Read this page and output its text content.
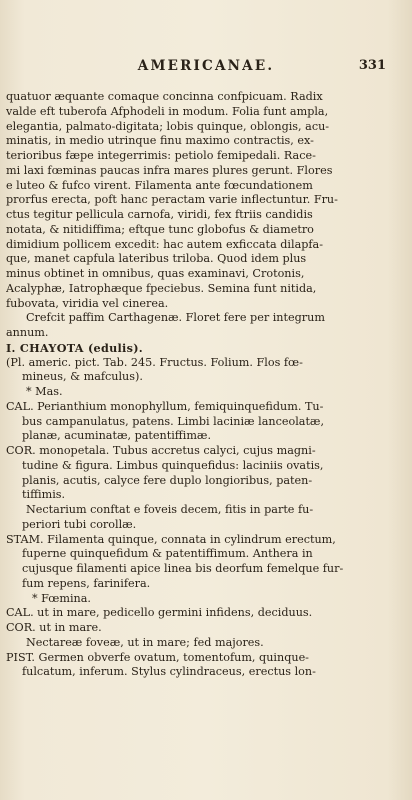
AMERICANAE.	331
quatuor æquante comaque concinna confpicuam. Radix
valde eft tuberofa Afphodeli in modum. Folia funt ampla,
elegantia, palmato-digitata; lobis quinque, oblongis, acu-
minatis, in medio utrinque finu maximo contractis, ex-
terioribus fæpe integerrimis: petiolo femipedali. Race-
mi laxi fœminas paucas infra mares plures gerunt. Flores
e luteo & fufco virent. Filamenta ante fœcundationem
prorfus erecta, poft hanc peractam varie inflectuntur. Fru-
ctus tegitur pellicula carnofa, viridi, fex ftriis candidis
notata, & nitidiffima; eftque tunc globofus & diametro
dimidium pollicem excedit: hac autem exficcata dilapfa-
que, manet capfula lateribus triloba. Quod idem plus
minus obtinet in omnibus, quas examinavi, Crotonis,
Acalyphæ, Iatrophæque fpeciebus. Semina funt nitida,
fubovata, viridia vel cinerea.
Crefcit paffim Carthagenæ. Floret fere per integrum
annum.
I. CHAYOTA (edulis).
(Pl. americ. pict. Tab. 245. Fructus. Folium. Flos fœ-
mineus, & mafculus).
* Mas.
CAL. Perianthium monophyllum, femiquinquefidum. Tu-
bus campanulatus, patens. Limbi laciniæ lanceolatæ,
planæ, acuminatæ, patentiffimæ.
COR. monopetala. Tubus accretus calyci, cujus magni-
tudine & figura. Limbus quinquefidus: laciniis ovatis,
planis, acutis, calyce fere duplo longioribus, paten-
tiffimis.
Nectarium conftat e foveis decem, fitis in parte fu-
periori tubi corollæ.
STAM. Filamenta quinque, connata in cylindrum erectum,
fuperne quinquefidum & patentiffimum. Anthera in
cujusque filamenti apice linea bis deorfum femelque fur-
fum repens, farinifera.
* Fœmina.
CAL. ut in mare, pedicello germini infidens, deciduus.
COR. ut in mare.
Nectareæ foveæ, ut in mare; fed majores.
PIST. Germen obverfe ovatum, tomentofum, quinque-
fulcatum, inferum. Stylus cylindraceus, erectus lon-
